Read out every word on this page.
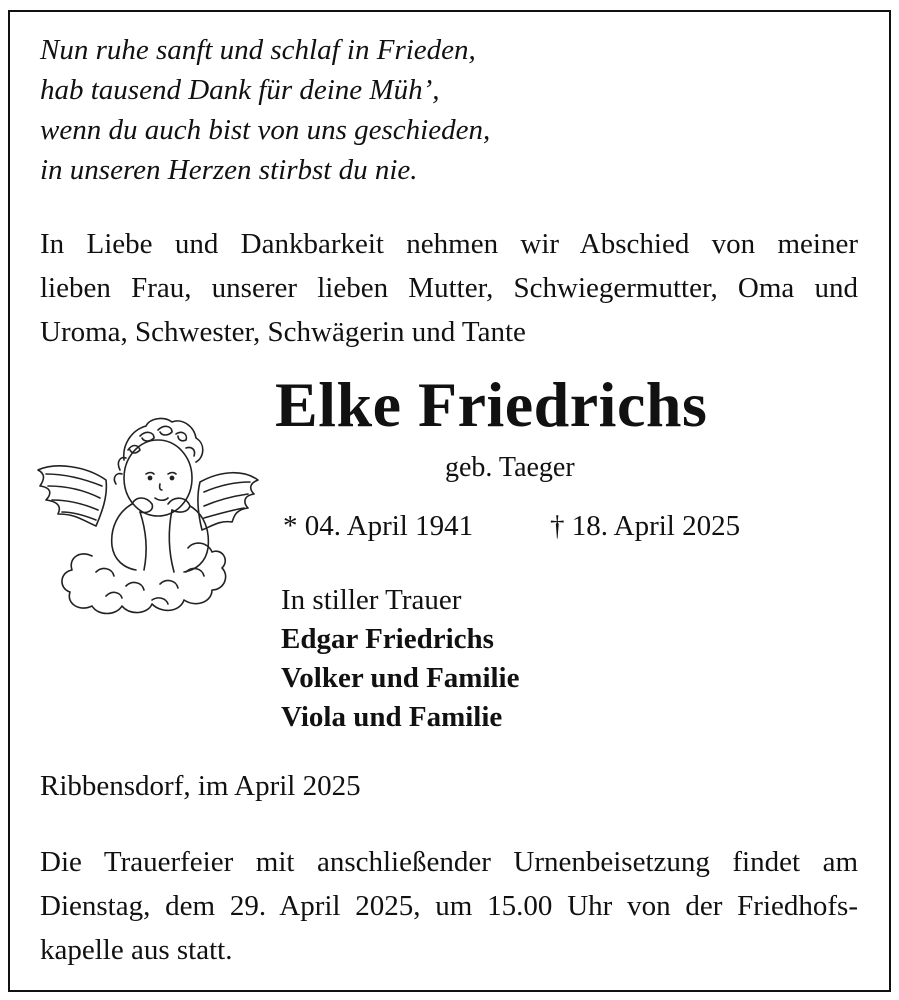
Nun ruhe sanft und schlaf in Frieden,
hab tausend Dank für deine Müh’,
wenn du auch bist von uns geschieden,
in unseren Herzen stirbst du nie.
In Liebe und Dankbarkeit nehmen wir Abschied von meiner
lieben Frau, unserer lieben Mutter, Schwiegermutter, Oma und
Uroma, Schwester, Schwägerin und Tante
Elke Friedrichs
geb. Taeger
* 04. April 1941	† 18. April 2025
In stiller Trauer
Edgar Friedrichs
Volker und Familie
Viola und Familie
Ribbensdorf, im April 2025
Die Trauerfeier mit anschließender Urnenbeisetzung findet am
Dienstag, dem 29. April 2025, um 15.00 Uhr von der Friedhofs-
kapelle aus statt.
